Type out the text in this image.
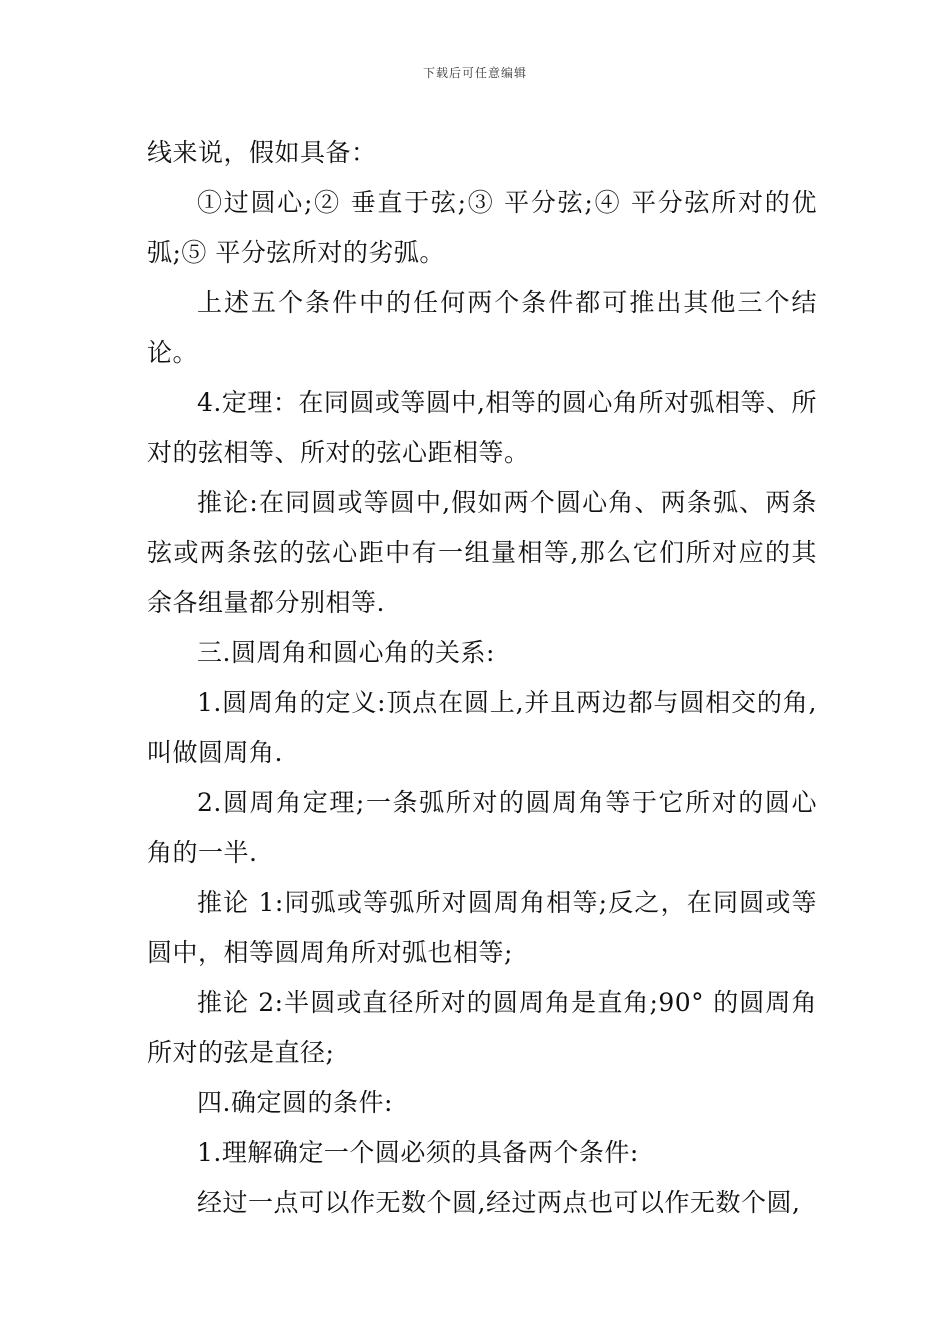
下载后可任意编辑

线来说，假如具备：

①过圆心;② 垂直于弦;③ 平分弦;④ 平分弦所对的优弧;⑤ 平分弦所对的劣弧。

上述五个条件中的任何两个条件都可推出其他三个结论。

4.定理：在同圆或等圆中,相等的圆心角所对弧相等、所对的弦相等、所对的弦心距相等。

推论:在同圆或等圆中,假如两个圆心角、两条弧、两条弦或两条弦的弦心距中有一组量相等,那么它们所对应的其余各组量都分别相等.

三.圆周角和圆心角的关系:

1.圆周角的定义:顶点在圆上,并且两边都与圆相交的角,叫做圆周角.

2.圆周角定理;一条弧所对的圆周角等于它所对的圆心角的一半.

推论 1:同弧或等弧所对圆周角相等;反之，在同圆或等圆中，相等圆周角所对弧也相等;

推论 2:半圆或直径所对的圆周角是直角;90° 的圆周角所对的弦是直径;

四.确定圆的条件:

1.理解确定一个圆必须的具备两个条件:

经过一点可以作无数个圆,经过两点也可以作无数个圆,
